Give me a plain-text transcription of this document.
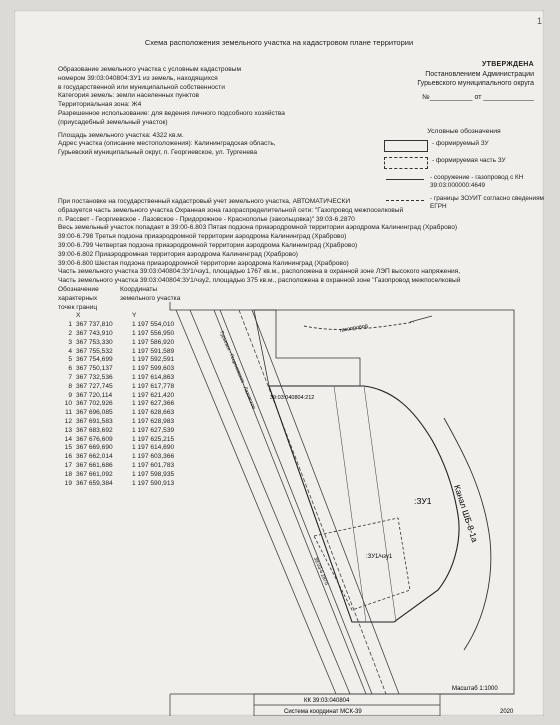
1
Схема расположения земельного участка на кадастровом плане территории
УТВЕРЖДЕНА
Постановлением Администрации
Гурьевского муниципального округа
№___________ от _____________
Образование земельного участка с условным кадастровым
номером 39:03:040804:ЗУ1 из земель, находящихся
в государственной или муниципальной собственности
Категория земель: земли населенных пунктов
Территориальная зона: Ж4
Разрешенное использование: для ведения личного подсобного хозяйства
(приусадебный земельный участок)
Площадь земельного участка: 4322 кв.м.
Адрес участка (описание местоположения): Калининградская область,
Гурьевский муниципальный округ, п. Георгиевское, ул. Тургенева
Условные обозначения
- формируемый ЗУ
- формируемая часть ЗУ
- сооружение - газопровод с КН 39:03:000000:4649
- границы ЗОУИТ согласно сведениям ЕГРН
При постановке на государственный кадастровый учет земельного участка, АВТОМАТИЧЕСКИ
образуется часть земельного участка Охранная зона газораспределительной сети: "Газопровод межпоселковый
п. Рассвет - Георгиевское - Лазовское - Придорожное - Краснополье (закольцовка)" 39:03-6.2870
Весь земельный участок попадает в 39:00-6.803 Пятая подзона приаэродромной территории аэродрома Калининград (Храброво)
39:00-6.798 Третья подзона приаэродромной территории аэродрома Калининград (Храброво)
39:00-6.799 Четвертая подзона приаэродромной территории аэродрома Калининград (Храброво)
39:00-6.802 Приаэродромная территория аэродрома Калининград (Храброво)
39:00-6.800 Шестая подзона приаэродромной территории аэродрома Калининград (Храброво)
Часть земельного участка 39:03:040804:ЗУ1/чзу1, площадью 1767 кв.м., расположена в охранной зоне ЛЭП высокого напряжения,
Часть земельного участка 39:03:040804:ЗУ1/чзу2, площадью 375 кв.м., расположена в охранной зоне "Газопровод межпоселковый
Обозначение
характерных
точек границ
Координаты
земельного участка
X	Y
1	367 737,810	1 197 554,010
2	367 743,910	1 197 556,950
3	367 753,330	1 197 586,920
4	367 755,532	1 197 591,589
5	367 754,699	1 197 592,591
6	367 750,137	1 197 599,603
7	367 732,536	1 197 614,863
8	367 727,745	1 197 617,778
9	367 720,114	1 197 621,420
10	367 702,926	1 197 627,366
11	367 696,085	1 197 628,663
12	367 691,583	1 197 628,983
13	367 683,692	1 197 627,539
14	367 676,609	1 197 625,215
15	367 669,690	1 197 614,690
16	367 662,014	1 197 603,366
17	367 661,686	1 197 601,783
18	367 661,092	1 197 598,935
19	367 659,384	1 197 590,913
газопровод
39:03:040804:212
:ЗУ1
:ЗУ1/чзу1
Канал ШБ-8-1а
Гурьевск - Георгиевское - Лазовское
39:03-6.2870
КК 39:03:040804
Система координат МСК-39
Масштаб 1:1000
2020
